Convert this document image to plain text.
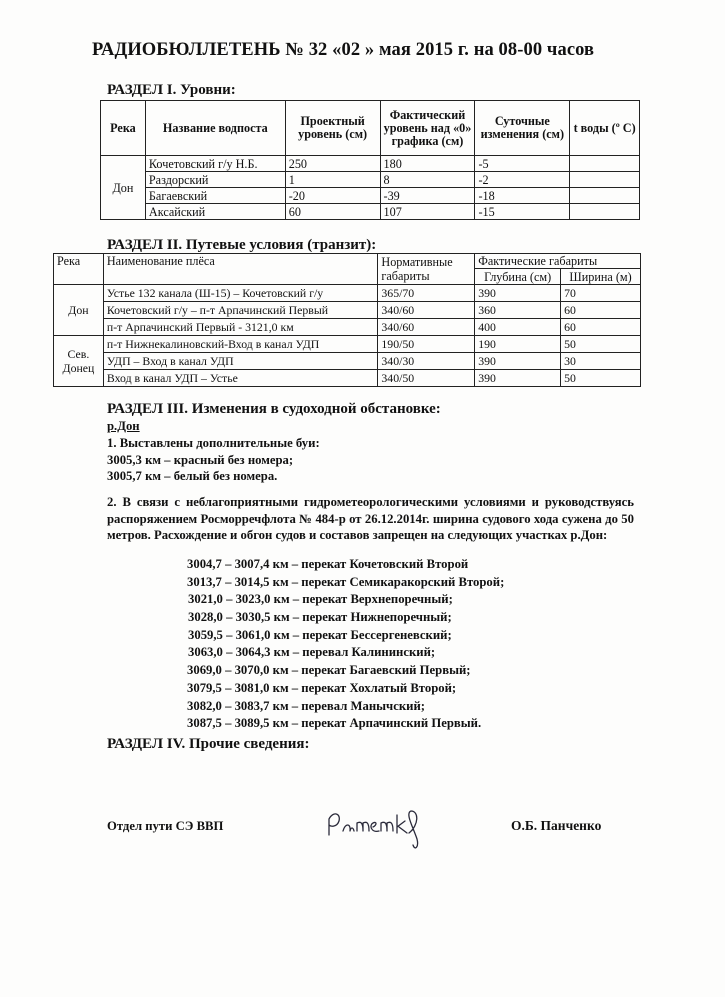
РАДИОБЮЛЛЕТЕНЬ № 32 «02 » мая 2015 г. на 08-00 часов
РАЗДЕЛ I. Уровни:
Река	Название водпоста	Проектный уровень (см)	Фактический уровень над «0» графика (см)	Суточные изменения (см)	t воды (º С)
Дон	Кочетовский г/у Н.Б.	250	180	-5	
	Раздорский	1	8	-2	
	Багаевский	-20	-39	-18	
	Аксайский	60	107	-15	
РАЗДЕЛ II. Путевые условия (транзит):
Река	Наименование плёса	Нормативные габариты	Фактические габариты	
			Глубина (см)	Ширина (м)
Дон	Устье 132 канала (Ш-15) – Кочетовский г/у	365/70	390	70
	Кочетовский г/у – п-т Арпачинский Первый	340/60	360	60
	п-т Арпачинский Первый - 3121,0 км	340/60	400	60
Сев. Донец	п-т Нижнекалиновский-Вход в канал УДП	190/50	190	50
	УДП – Вход в канал УДП	340/30	390	30
	Вход в канал УДП – Устье	340/50	390	50
РАЗДЕЛ III. Изменения в судоходной обстановке:
р.Дон
1. Выставлены дополнительные буи:
3005,3 км – красный без номера;
3005,7 км – белый без номера.
2. В связи с неблагоприятными гидрометеорологическими условиями и руководствуясь распоряжением Росморречфлота № 484-р от 26.12.2014г. ширина судового хода сужена до 50 метров. Расхождение и обгон судов и составов запрещен на следующих участках р.Дон:
3004,7 – 3007,4 км – перекат Кочетовский Второй
3013,7 – 3014,5 км – перекат Семикаракорский Второй;
3021,0 – 3023,0 км – перекат Верхнепоречный;
3028,0 – 3030,5 км – перекат Нижнепоречный;
3059,5 – 3061,0 км – перекат Бессергеневский;
3063,0 – 3064,3 км – перевал Калининский;
3069,0 – 3070,0 км – перекат Багаевский Первый;
3079,5 – 3081,0 км – перекат Хохлатый Второй;
3082,0 – 3083,7 км – перевал Манычский;
3087,5 – 3089,5 км – перекат Арпачинский Первый.
РАЗДЕЛ IV. Прочие сведения:
Отдел пути СЭ ВВП	О.Б. Панченко
